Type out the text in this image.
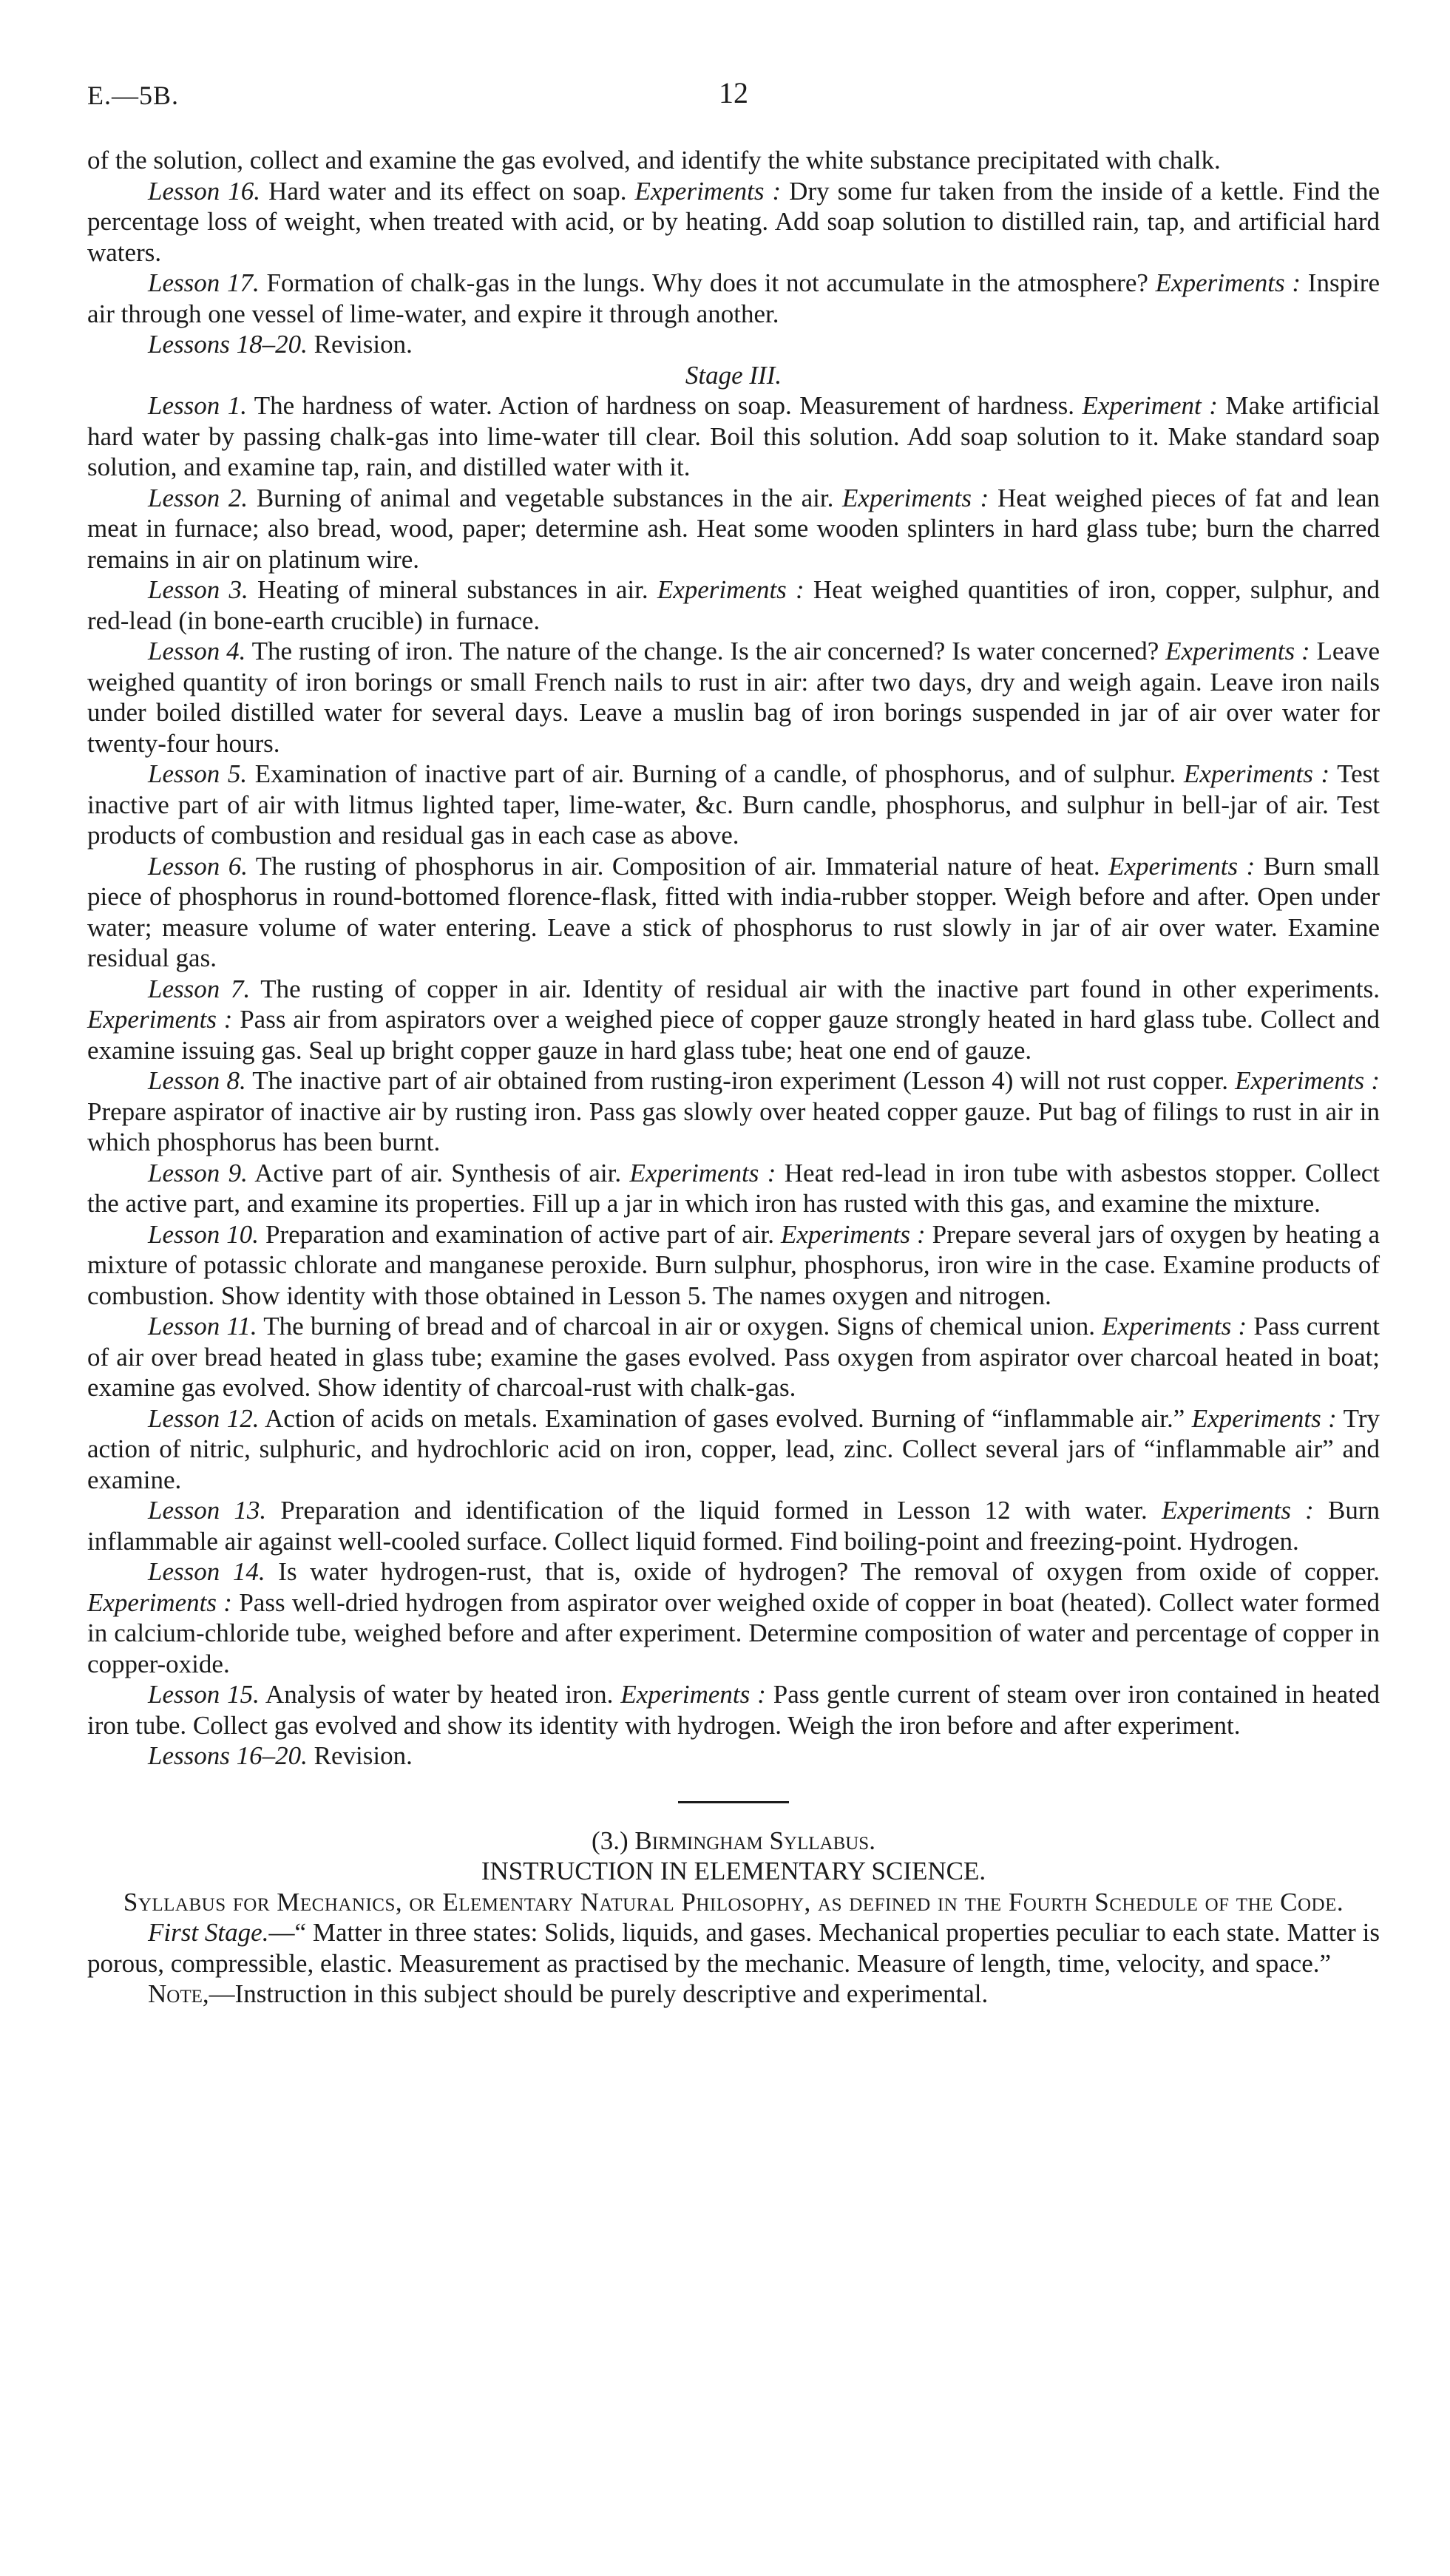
E.—5B.	12

of the solution, collect and examine the gas evolved, and identify the white substance precipitated with chalk.

Lesson 16. Hard water and its effect on soap. Experiments : Dry some fur taken from the inside of a kettle. Find the percentage loss of weight, when treated with acid, or by heating. Add soap solution to distilled rain, tap, and artificial hard waters.

Lesson 17. Formation of chalk-gas in the lungs. Why does it not accumulate in the atmosphere? Experiments : Inspire air through one vessel of lime-water, and expire it through another.

Lessons 18–20. Revision.

Stage III.

Lesson 1. The hardness of water. Action of hardness on soap. Measurement of hardness. Experiment : Make artificial hard water by passing chalk-gas into lime-water till clear. Boil this solution. Add soap solution to it. Make standard soap solution, and examine tap, rain, and distilled water with it.

Lesson 2. Burning of animal and vegetable substances in the air. Experiments : Heat weighed pieces of fat and lean meat in furnace; also bread, wood, paper; determine ash. Heat some wooden splinters in hard glass tube; burn the charred remains in air on platinum wire.

Lesson 3. Heating of mineral substances in air. Experiments : Heat weighed quantities of iron, copper, sulphur, and red-lead (in bone-earth crucible) in furnace.

Lesson 4. The rusting of iron. The nature of the change. Is the air concerned? Is water concerned? Experiments : Leave weighed quantity of iron borings or small French nails to rust in air: after two days, dry and weigh again. Leave iron nails under boiled distilled water for several days. Leave a muslin bag of iron borings suspended in jar of air over water for twenty-four hours.

Lesson 5. Examination of inactive part of air. Burning of a candle, of phosphorus, and of sulphur. Experiments : Test inactive part of air with litmus lighted taper, lime-water, &c. Burn candle, phosphorus, and sulphur in bell-jar of air. Test products of combustion and residual gas in each case as above.

Lesson 6. The rusting of phosphorus in air. Composition of air. Immaterial nature of heat. Experiments : Burn small piece of phosphorus in round-bottomed florence-flask, fitted with india-rubber stopper. Weigh before and after. Open under water; measure volume of water entering. Leave a stick of phosphorus to rust slowly in jar of air over water. Examine residual gas.

Lesson 7. The rusting of copper in air. Identity of residual air with the inactive part found in other experiments. Experiments : Pass air from aspirators over a weighed piece of copper gauze strongly heated in hard glass tube. Collect and examine issuing gas. Seal up bright copper gauze in hard glass tube; heat one end of gauze.

Lesson 8. The inactive part of air obtained from rusting-iron experiment (Lesson 4) will not rust copper. Experiments : Prepare aspirator of inactive air by rusting iron. Pass gas slowly over heated copper gauze. Put bag of filings to rust in air in which phosphorus has been burnt.

Lesson 9. Active part of air. Synthesis of air. Experiments : Heat red-lead in iron tube with asbestos stopper. Collect the active part, and examine its properties. Fill up a jar in which iron has rusted with this gas, and examine the mixture.

Lesson 10. Preparation and examination of active part of air. Experiments : Prepare several jars of oxygen by heating a mixture of potassic chlorate and manganese peroxide. Burn sulphur, phosphorus, iron wire in the case. Examine products of combustion. Show identity with those obtained in Lesson 5. The names oxygen and nitrogen.

Lesson 11. The burning of bread and of charcoal in air or oxygen. Signs of chemical union. Experiments : Pass current of air over bread heated in glass tube; examine the gases evolved. Pass oxygen from aspirator over charcoal heated in boat; examine gas evolved. Show identity of charcoal-rust with chalk-gas.

Lesson 12. Action of acids on metals. Examination of gases evolved. Burning of “inflammable air.” Experiments : Try action of nitric, sulphuric, and hydrochloric acid on iron, copper, lead, zinc. Collect several jars of “inflammable air” and examine.

Lesson 13. Preparation and identification of the liquid formed in Lesson 12 with water. Experiments : Burn inflammable air against well-cooled surface. Collect liquid formed. Find boiling-point and freezing-point. Hydrogen.

Lesson 14. Is water hydrogen-rust, that is, oxide of hydrogen? The removal of oxygen from oxide of copper. Experiments : Pass well-dried hydrogen from aspirator over weighed oxide of copper in boat (heated). Collect water formed in calcium-chloride tube, weighed before and after experiment. Determine composition of water and percentage of copper in copper-oxide.

Lesson 15. Analysis of water by heated iron. Experiments : Pass gentle current of steam over iron contained in heated iron tube. Collect gas evolved and show its identity with hydrogen. Weigh the iron before and after experiment.

Lessons 16–20. Revision.

(3.) Birmingham Syllabus.

INSTRUCTION IN ELEMENTARY SCIENCE.

Syllabus for Mechanics, or Elementary Natural Philosophy, as defined in the Fourth Schedule of the Code.

First Stage.—“ Matter in three states: Solids, liquids, and gases. Mechanical properties peculiar to each state. Matter is porous, compressible, elastic. Measurement as practised by the mechanic. Measure of length, time, velocity, and space.”

Note,—Instruction in this subject should be purely descriptive and experimental.
